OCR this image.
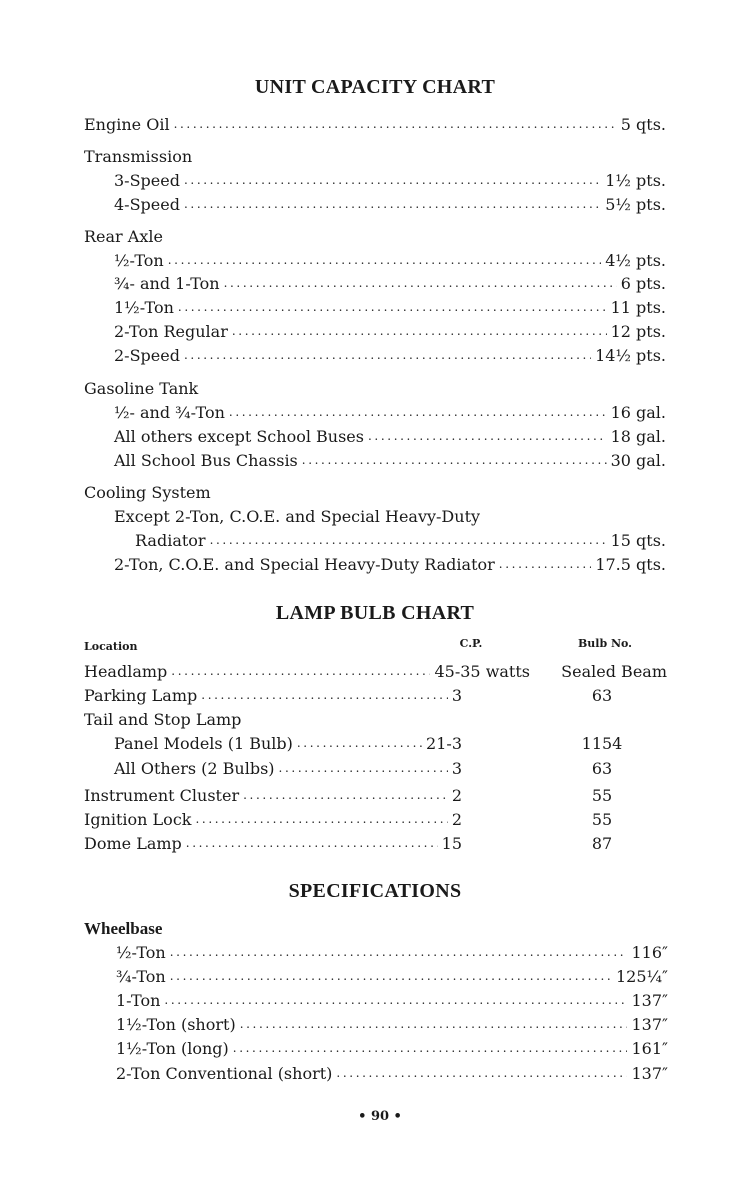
UNIT CAPACITY CHART
LAMP BULB CHART
Location	C.P.	Bulb No.
SPECIFICATIONS
• 90 •
Engine Oil . . .	5 qts.
Transmission
3-Speed . . .	1½ pts.
4-Speed . . .	5½ pts.
Rear Axle
½-Ton . . .	4½ pts.
¾- and 1-Ton . . .	6 pts.
1½-Ton . . .	11 pts.
2-Ton Regular . . .	12 pts.
2-Speed . . .	14½ pts.
Gasoline Tank
½- and ¾-Ton . . .	16 gal.
All others except School Buses . . .	18 gal.
All School Bus Chassis . . .	30 gal.
Cooling System
Except 2-Ton, C.O.E. and Special Heavy-Duty
Radiator . . .	15 qts.
2-Ton, C.O.E. and Special Heavy-Duty Radiator . . .	17.5 qts.
Headlamp . . .	45-35 watts	Sealed Beam
Parking Lamp . . .	3	63
Tail and Stop Lamp
Panel Models (1 Bulb) . . .	21-3	1154
All Others (2 Bulbs) . . .	3	63
Instrument Cluster . . .	2	55
Ignition Lock . . .	2	55
Dome Lamp . . .	15	87
Wheelbase
½-Ton . . .	116″
¾-Ton . . .	125¼″
1-Ton . . .	137″
1½-Ton (short) . . .	137″
1½-Ton (long) . . .	161″
2-Ton Conventional (short) . . .	137″
